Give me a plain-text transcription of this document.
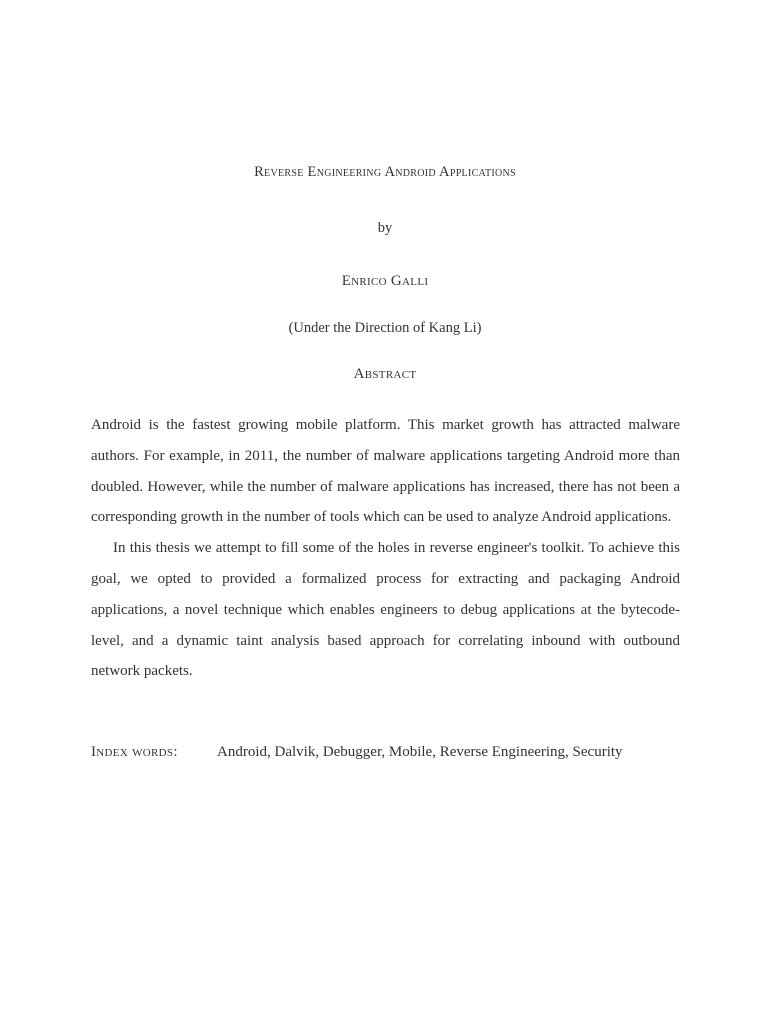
Reverse Engineering Android Applications
by
Enrico Galli
(Under the Direction of Kang Li)
Abstract

Android is the fastest growing mobile platform. This market growth has attracted malware authors. For example, in 2011, the number of malware applications targeting Android more than doubled. However, while the number of malware applications has increased, there has not been a corresponding growth in the number of tools which can be used to analyze Android applications.

In this thesis we attempt to fill some of the holes in reverse engineer's toolkit. To achieve this goal, we opted to provided a formalized process for extracting and packaging Android applications, a novel technique which enables engineers to debug applications at the bytecode-level, and a dynamic taint analysis based approach for correlating inbound with outbound network packets.

Index words:	Android, Dalvik, Debugger, Mobile, Reverse Engineering, Security
